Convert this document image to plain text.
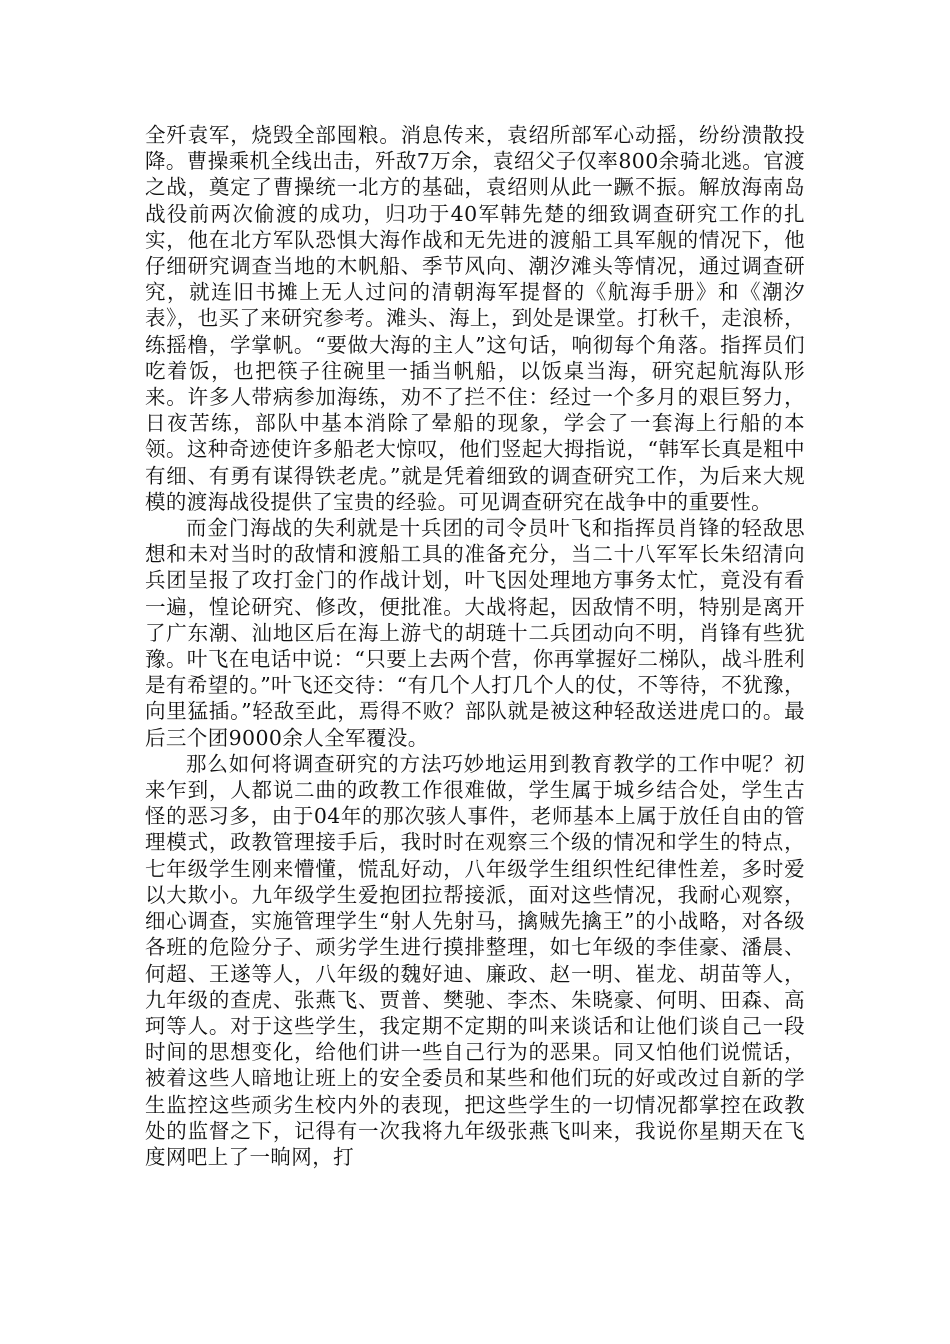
全歼袁军，烧毁全部囤粮。消息传来，袁绍所部军心动摇，纷纷溃散投降。曹操乘机全线出击，歼敌7万余，袁绍父子仅率800余骑北逃。官渡之战，奠定了曹操统一北方的基础，袁绍则从此一蹶不振。解放海南岛战役前两次偷渡的成功，归功于40军韩先楚的细致调查研究工作的扎实，他在北方军队恐惧大海作战和无先进的渡船工具军舰的情况下，他仔细研究调查当地的木帆船、季节风向、潮汐滩头等情况，通过调查研究，就连旧书摊上无人过问的清朝海军提督的《航海手册》和《潮汐表》，也买了来研究参考。滩头、海上，到处是课堂。打秋千，走浪桥，练摇橹，学掌帆。“要做大海的主人”这句话，响彻每个角落。指挥员们吃着饭，也把筷子往碗里一插当帆船，以饭桌当海，研究起航海队形来。许多人带病参加海练，劝不了拦不住：经过一个多月的艰巨努力，日夜苦练，部队中基本消除了晕船的现象，学会了一套海上行船的本领。这种奇迹使许多船老大惊叹，他们竖起大拇指说，“韩军长真是粗中有细、有勇有谋得铁老虎。”就是凭着细致的调查研究工作，为后来大规模的渡海战役提供了宝贵的经验。可见调查研究在战争中的重要性。

而金门海战的失利就是十兵团的司令员叶飞和指挥员肖锋的轻敌思想和未对当时的敌情和渡船工具的准备充分，当二十八军军长朱绍清向兵团呈报了攻打金门的作战计划，叶飞因处理地方事务太忙，竟没有看一遍，惶论研究、修改，便批准。大战将起，因敌情不明，特别是离开了广东潮、汕地区后在海上游弋的胡琏十二兵团动向不明，肖锋有些犹豫。叶飞在电话中说：“只要上去两个营，你再掌握好二梯队，战斗胜利是有希望的。”叶飞还交待：“有几个人打几个人的仗，不等待，不犹豫，向里猛插。”轻敌至此，焉得不败？部队就是被这种轻敌送进虎口的。最后三个团9000余人全军覆没。

那么如何将调查研究的方法巧妙地运用到教育教学的工作中呢？初来乍到，人都说二曲的政教工作很难做，学生属于城乡结合处，学生古怪的恶习多，由于04年的那次骇人事件，老师基本上属于放任自由的管理模式，政教管理接手后，我时时在观察三个级的情况和学生的特点，七年级学生刚来懵懂，慌乱好动，八年级学生组织性纪律性差，多时爱以大欺小。九年级学生爱抱团拉帮接派，面对这些情况，我耐心观察，细心调查，实施管理学生“射人先射马，擒贼先擒王”的小战略，对各级各班的危险分子、顽劣学生进行摸排整理，如七年级的李佳豪、潘晨、何超、王遂等人，八年级的魏好迪、廉政、赵一明、崔龙、胡苗等人，九年级的查虎、张燕飞、贾普、樊驰、李杰、朱晓豪、何明、田森、高珂等人。对于这些学生，我定期不定期的叫来谈话和让他们谈自己一段时间的思想变化，给他们讲一些自己行为的恶果。同又怕他们说慌话，被着这些人暗地让班上的安全委员和某些和他们玩的好或改过自新的学生监控这些顽劣生校内外的表现，把这些学生的一切情况都掌控在政教处的监督之下，记得有一次我将九年级张燕飞叫来，我说你星期天在飞度网吧上了一晌网，打
